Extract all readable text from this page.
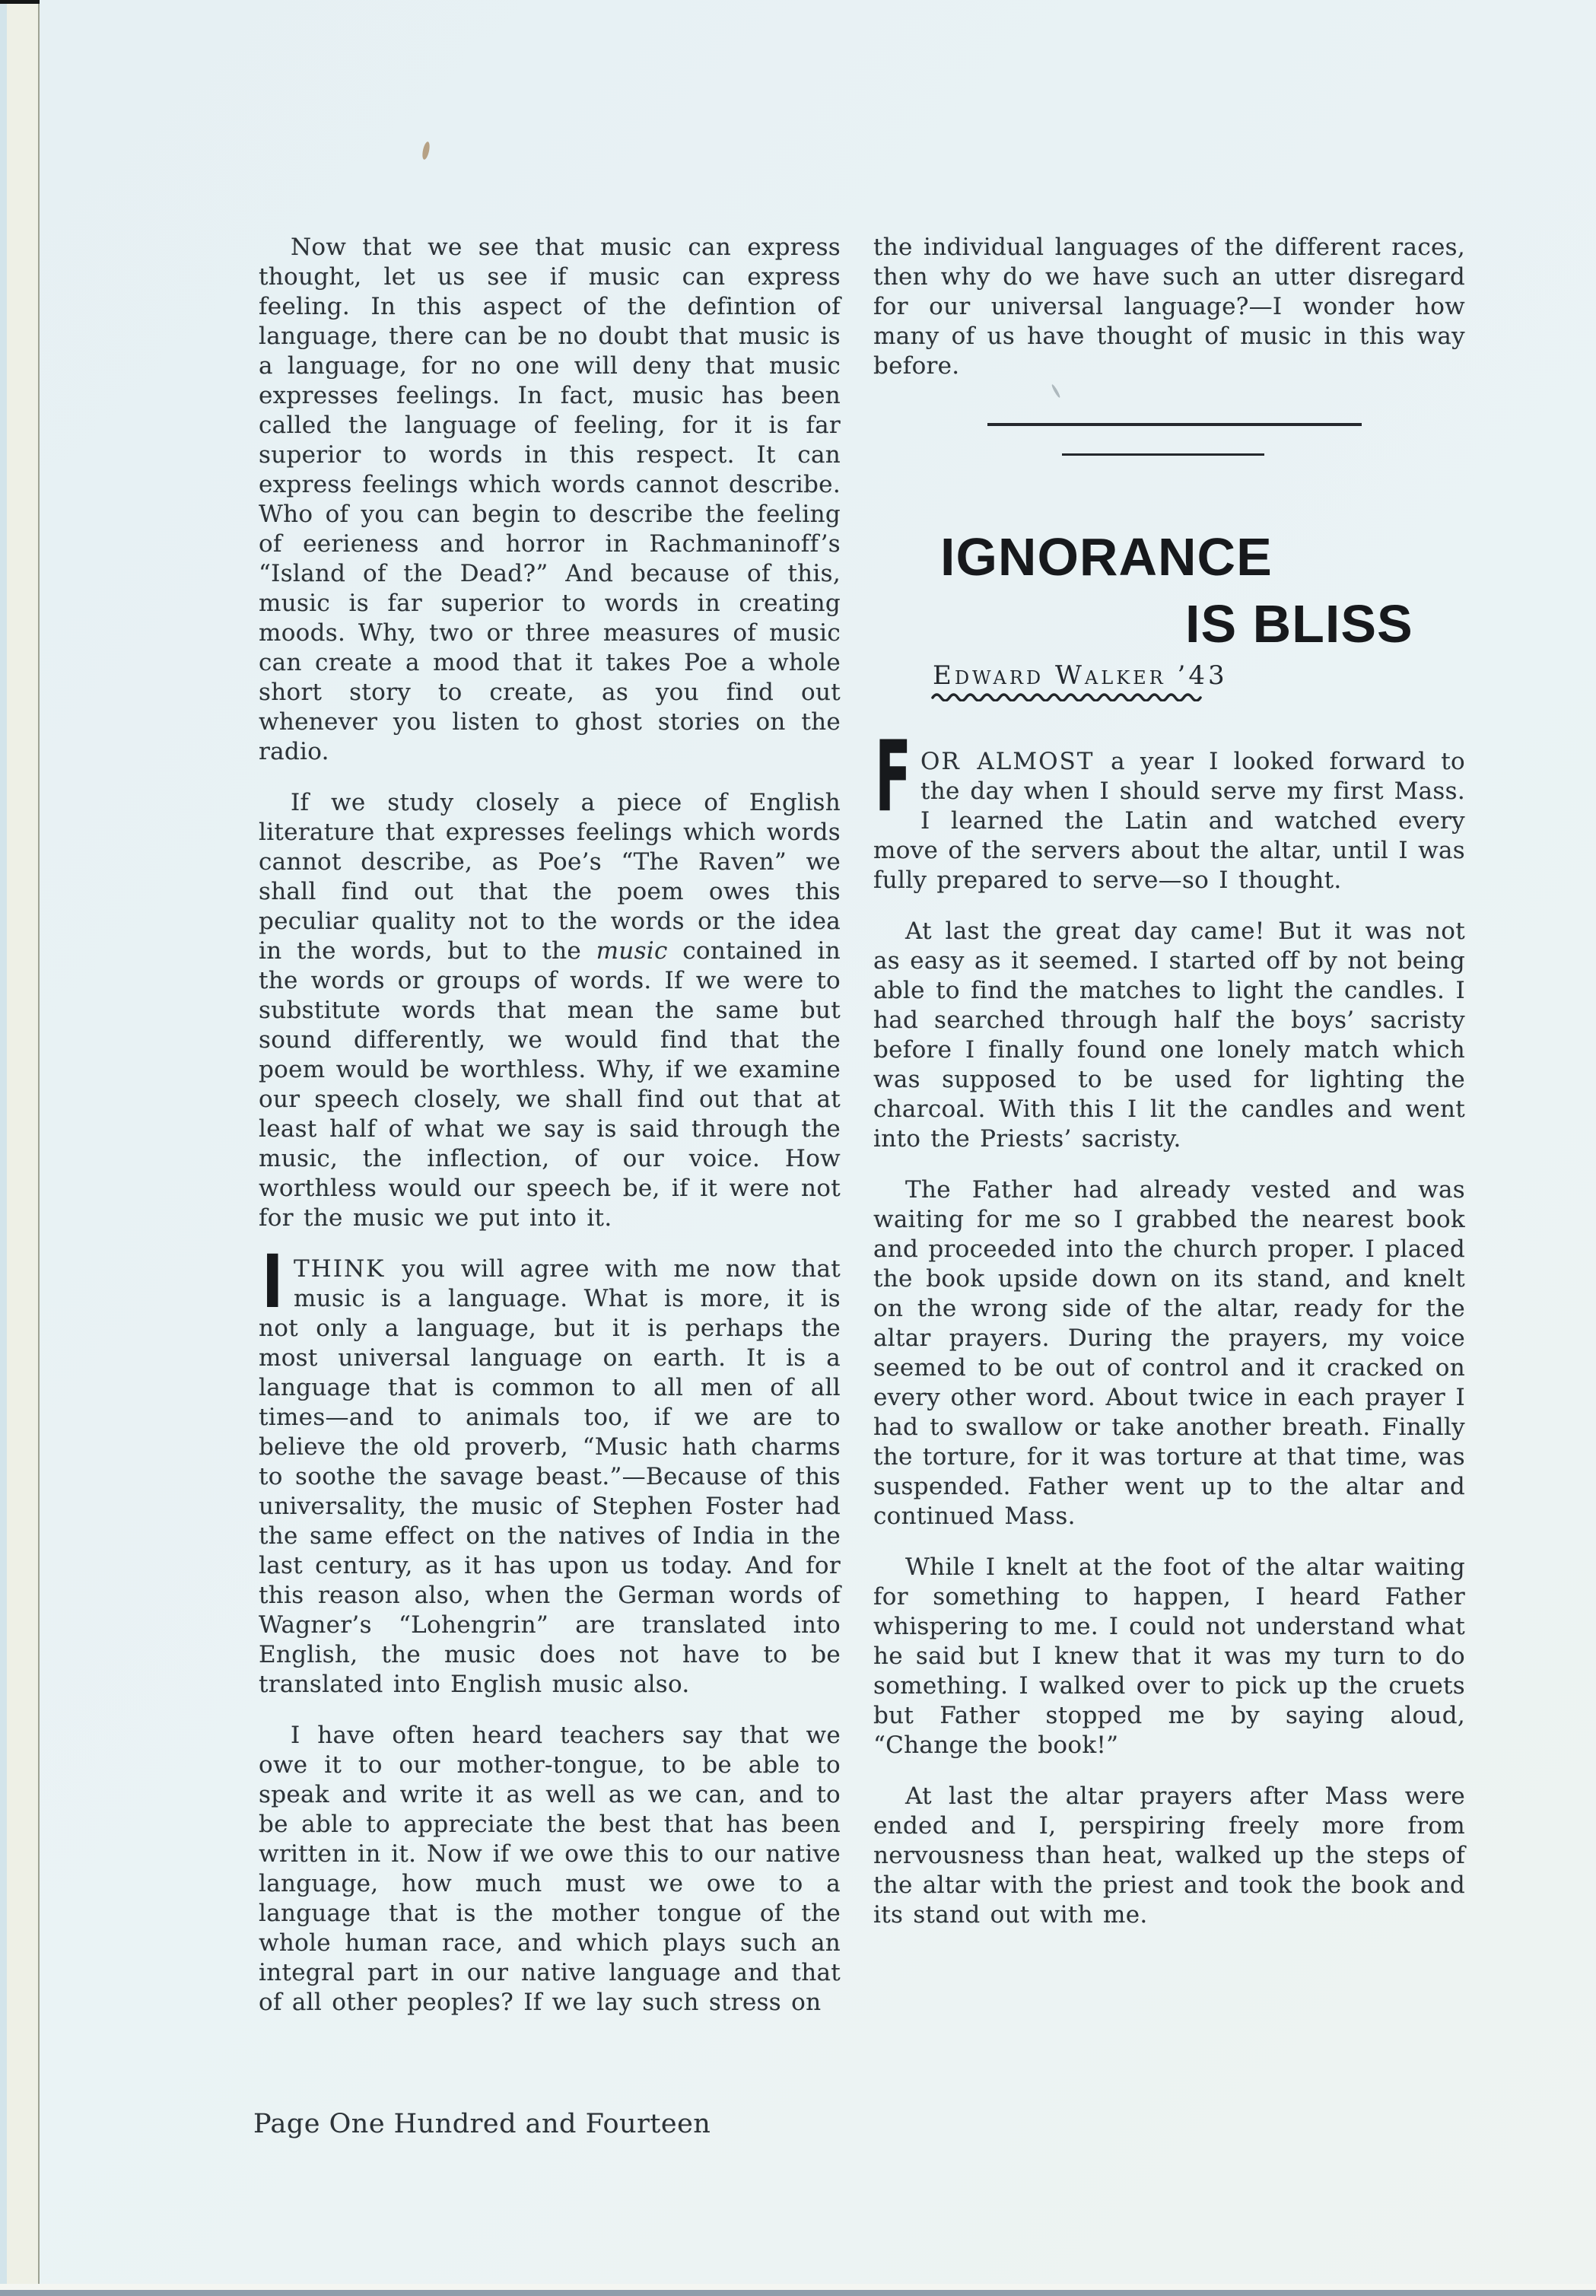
Now that we see that music can express thought, let us see if music can express feeling. In this aspect of the defintion of language, there can be no doubt that music is a language, for no one will deny that music expresses feelings. In fact, music has been called the language of feeling, for it is far superior to words in this respect. It can express feelings which words cannot describe. Who of you can begin to describe the feeling of eerieness and horror in Rachmaninoff’s “Island of the Dead?” And because of this, music is far superior to words in creating moods. Why, two or three measures of music can create a mood that it takes Poe a whole short story to create, as you find out whenever you listen to ghost stories on the radio.

If we study closely a piece of English literature that expresses feelings which words cannot describe, as Poe’s “The Raven” we shall find out that the poem owes this peculiar quality not to the words or the idea in the words, but to the music contained in the words or groups of words. If we were to substitute words that mean the same but sound differently, we would find that the poem would be worthless. Why, if we examine our speech closely, we shall find out that at least half of what we say is said through the music, the inflection, of our voice. How worthless would our speech be, if it were not for the music we put into it.

ITHINK you will agree with me now that music is a language. What is more, it is not only a language, but it is perhaps the most universal language on earth. It is a language that is common to all men of all times—and to animals too, if we are to believe the old proverb, “Music hath charms to soothe the savage beast.”—Because of this universality, the music of Stephen Foster had the same effect on the natives of India in the last century, as it has upon us today. And for this reason also, when the German words of Wagner’s “Lohengrin” are translated into English, the music does not have to be translated into English music also.

I have often heard teachers say that we owe it to our mother-tongue, to be able to speak and write it as well as we can, and to be able to appreciate the best that has been written in it. Now if we owe this to our native language, how much must we owe to a language that is the mother tongue of the whole human race, and which plays such an integral part in our native language and that of all other peoples? If we lay such stress on

the individual languages of the different races, then why do we have such an utter disregard for our universal language?—I wonder how many of us have thought of music in this way before.

IGNORANCE
IS BLISS
Edward Walker ’43

FOR ALMOST a year I looked forward to the day when I should serve my first Mass. I learned the Latin and watched every move of the servers about the altar, until I was fully prepared to serve—so I thought.

At last the great day came! But it was not as easy as it seemed. I started off by not being able to find the matches to light the candles. I had searched through half the boys’ sacristy before I finally found one lonely match which was supposed to be used for lighting the charcoal. With this I lit the candles and went into the Priests’ sacristy.

The Father had already vested and was waiting for me so I grabbed the nearest book and proceeded into the church proper. I placed the book upside down on its stand, and knelt on the wrong side of the altar, ready for the altar prayers. During the prayers, my voice seemed to be out of control and it cracked on every other word. About twice in each prayer I had to swallow or take another breath. Finally the torture, for it was torture at that time, was suspended. Father went up to the altar and continued Mass.

While I knelt at the foot of the altar waiting for something to happen, I heard Father whispering to me. I could not understand what he said but I knew that it was my turn to do something. I walked over to pick up the cruets but Father stopped me by saying aloud, “Change the book!”

At last the altar prayers after Mass were ended and I, perspiring freely more from nervousness than heat, walked up the steps of the altar with the priest and took the book and its stand out with me.

Page One Hundred and Fourteen
